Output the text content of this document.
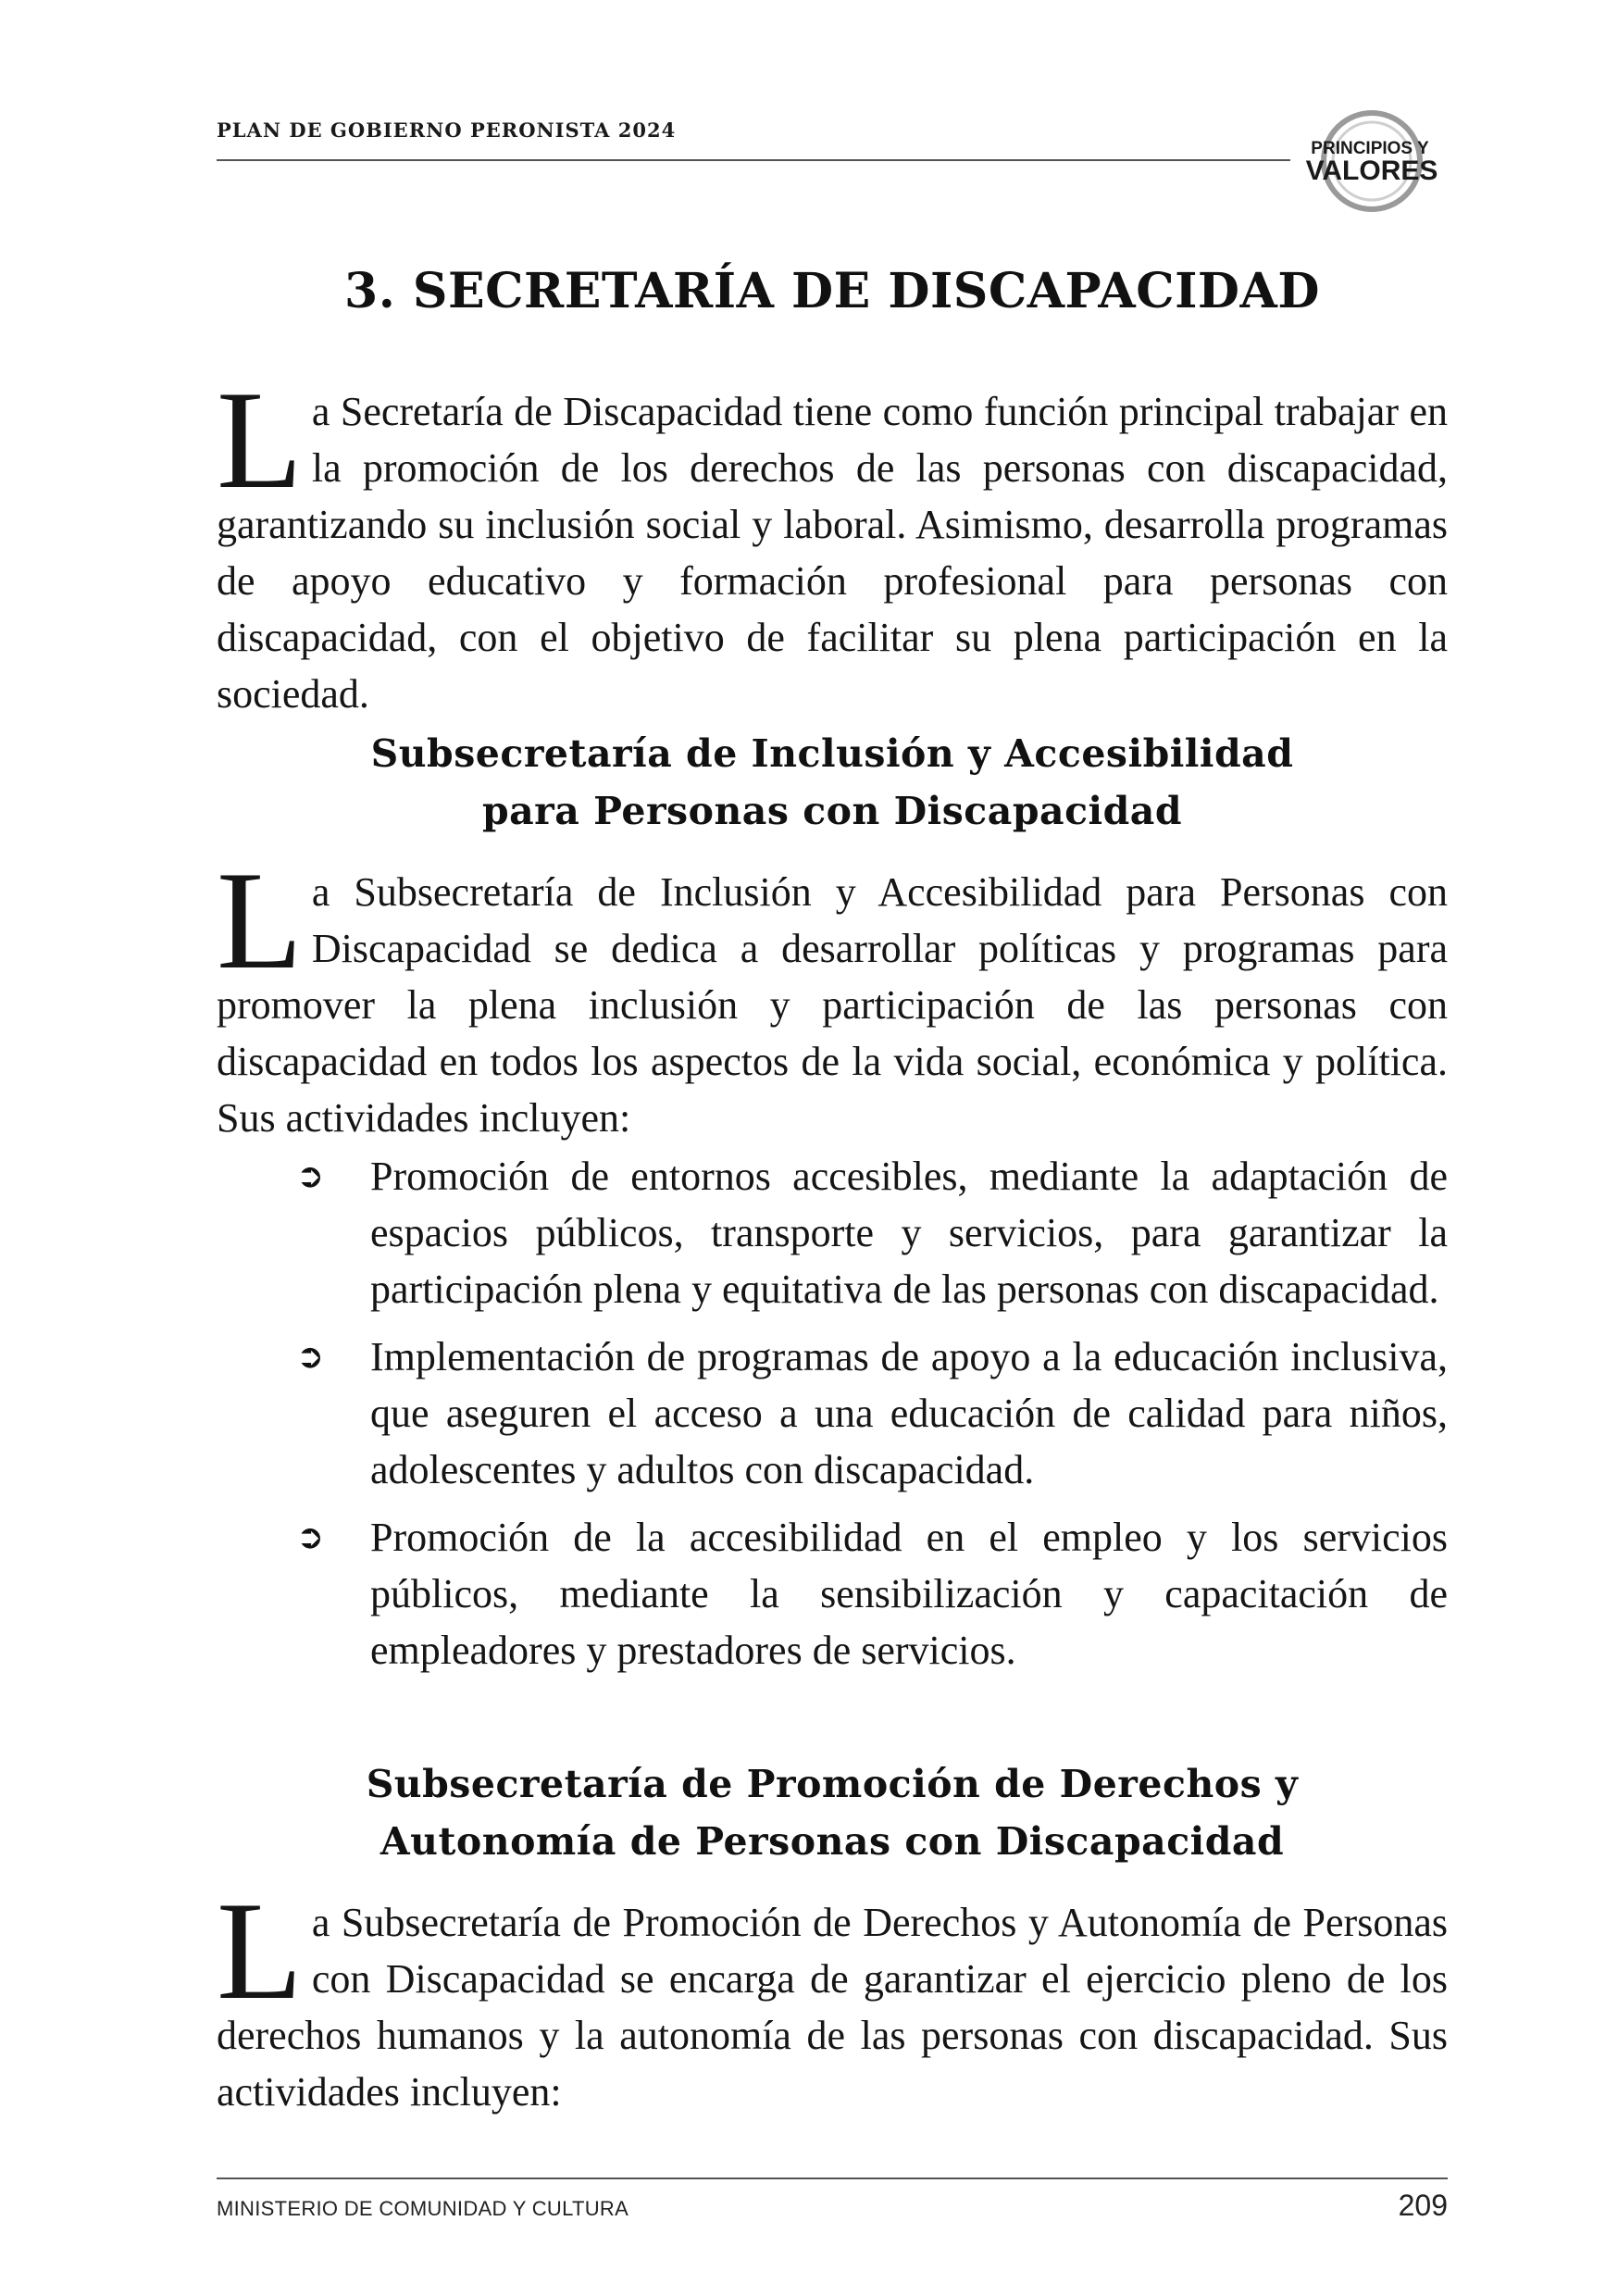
PLAN DE GOBIERNO PERONISTA 2024
PRINCIPIOS Y
VALORES
3. SECRETARÍA DE DISCAPACIDAD

La Secretaría de Discapacidad tiene como función principal trabajar en la promoción de los derechos de las personas con discapacidad, garantizando su inclusión social y laboral. Asimismo, desarrolla programas de apoyo educativo y formación profesional para personas con discapacidad, con el objetivo de facilitar su plena participación en la sociedad.

Subsecretaría de Inclusión y Accesibilidad
para Personas con Discapacidad

La Subsecretaría de Inclusión y Accesibilidad para Personas con Discapacidad se dedica a desarrollar políticas y programas para promover la plena inclusión y participación de las personas con discapacidad en todos los aspectos de la vida social, económica y política. Sus actividades incluyen:

➲	Promoción de entornos accesibles, mediante la adaptación de espacios públicos, transporte y servicios, para garantizar la participación plena y equitativa de las personas con discapacidad.
➲	Implementación de programas de apoyo a la educación inclusiva, que aseguren el acceso a una educación de calidad para niños, adolescentes y adultos con discapacidad.
➲	Promoción de la accesibilidad en el empleo y los servicios públicos, mediante la sensibilización y capacitación de empleadores y prestadores de servicios.
Subsecretaría de Promoción de Derechos y
Autonomía de Personas con Discapacidad

La Subsecretaría de Promoción de Derechos y Autonomía de Personas con Discapacidad se encarga de garantizar el ejercicio pleno de los derechos humanos y la autonomía de las personas con discapacidad. Sus actividades incluyen:

MINISTERIO DE COMUNIDAD Y CULTURA	209
